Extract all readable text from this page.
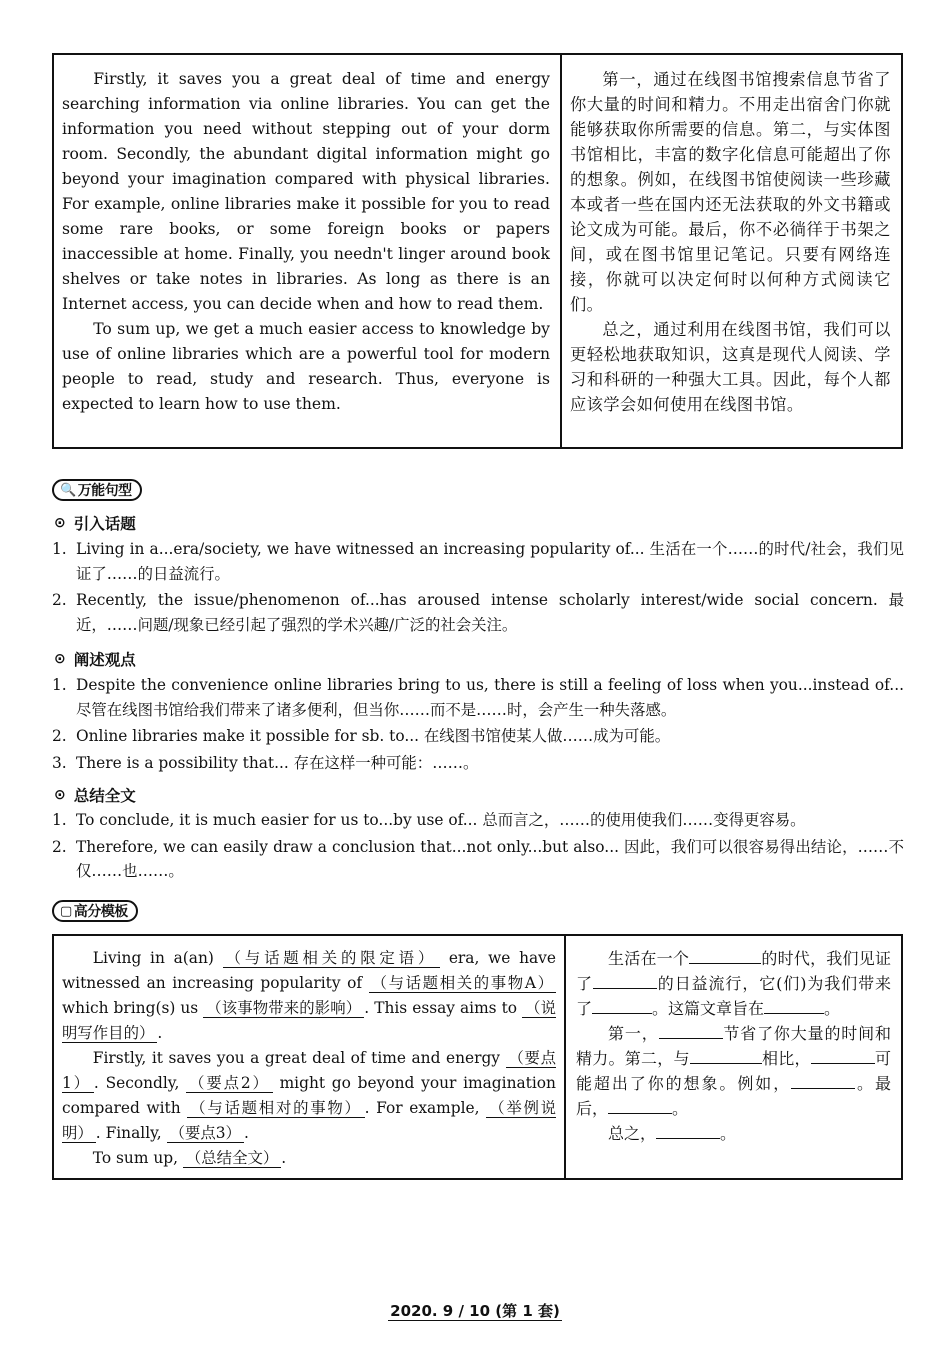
Firstly, it saves you a great deal of time and energy searching information via online libraries. You can get the information you need without stepping out of your dorm room. Secondly, the abundant digital information might go beyond your imagination compared with physical libraries. For example, online libraries make it possible for you to read some rare books, or some foreign books or papers inaccessible at home. Finally, you needn't linger around book shelves or take notes in libraries. As long as there is an Internet access, you can decide when and how to read them.

To sum up, we get a much easier access to knowledge by use of online libraries which are a powerful tool for modern people to read, study and research. Thus, everyone is expected to learn how to use them.

第一，通过在线图书馆搜索信息节省了你大量的时间和精力。不用走出宿舍门你就能够获取你所需要的信息。第二，与实体图书馆相比，丰富的数字化信息可能超出了你的想象。例如，在线图书馆使阅读一些珍藏本或者一些在国内还无法获取的外文书籍或论文成为可能。最后，你不必徜徉于书架之间，或在图书馆里记笔记。只要有网络连接，你就可以决定何时以何种方式阅读它们。

总之，通过利用在线图书馆，我们可以更轻松地获取知识，这真是现代人阅读、学习和科研的一种强大工具。因此，每个人都应该学会如何使用在线图书馆。

🔍 万能句型
⊙ 引入话题
1. Living in a...era/society, we have witnessed an increasing popularity of... 生活在一个……的时代/社会，我们见证了……的日益流行。
2. Recently, the issue/phenomenon of...has aroused intense scholarly interest/wide social concern. 最近，……问题/现象已经引起了强烈的学术兴趣/广泛的社会关注。
⊙ 阐述观点
1. Despite the convenience online libraries bring to us, there is still a feeling of loss when you...instead of... 尽管在线图书馆给我们带来了诸多便利，但当你……而不是……时，会产生一种失落感。
2. Online libraries make it possible for sb. to... 在线图书馆使某人做……成为可能。
3. There is a possibility that... 存在这样一种可能：……。
⊙ 总结全文
1. To conclude, it is much easier for us to...by use of... 总而言之，……的使用使我们……变得更容易。
2. Therefore, we can easily draw a conclusion that...not only...but also... 因此，我们可以很容易得出结论，……不仅……也……。
▢ 高分模板

Living in a(an) （与话题相关的限定语） era, we have witnessed an increasing popularity of （与话题相关的事物A） which bring(s) us （该事物带来的影响） . This essay aims to （说明写作目的） .

Firstly, it saves you a great deal of time and energy （要点1） . Secondly, （要点2） might go beyond your imagination compared with （与话题相对的事物） . For example, （举例说明） . Finally, （要点3） .

To sum up, （总结全文） .

生活在一个	的时代，我们见证了	的日益流行，它(们)为我们带来了	。这篇文章旨在	。

第一，	节省了你大量的时间和精力。第二，与	相比，	可能超出了你的想象。例如，	。最后，	。

总之，	。

2020. 9 / 10 (第 1 套)
